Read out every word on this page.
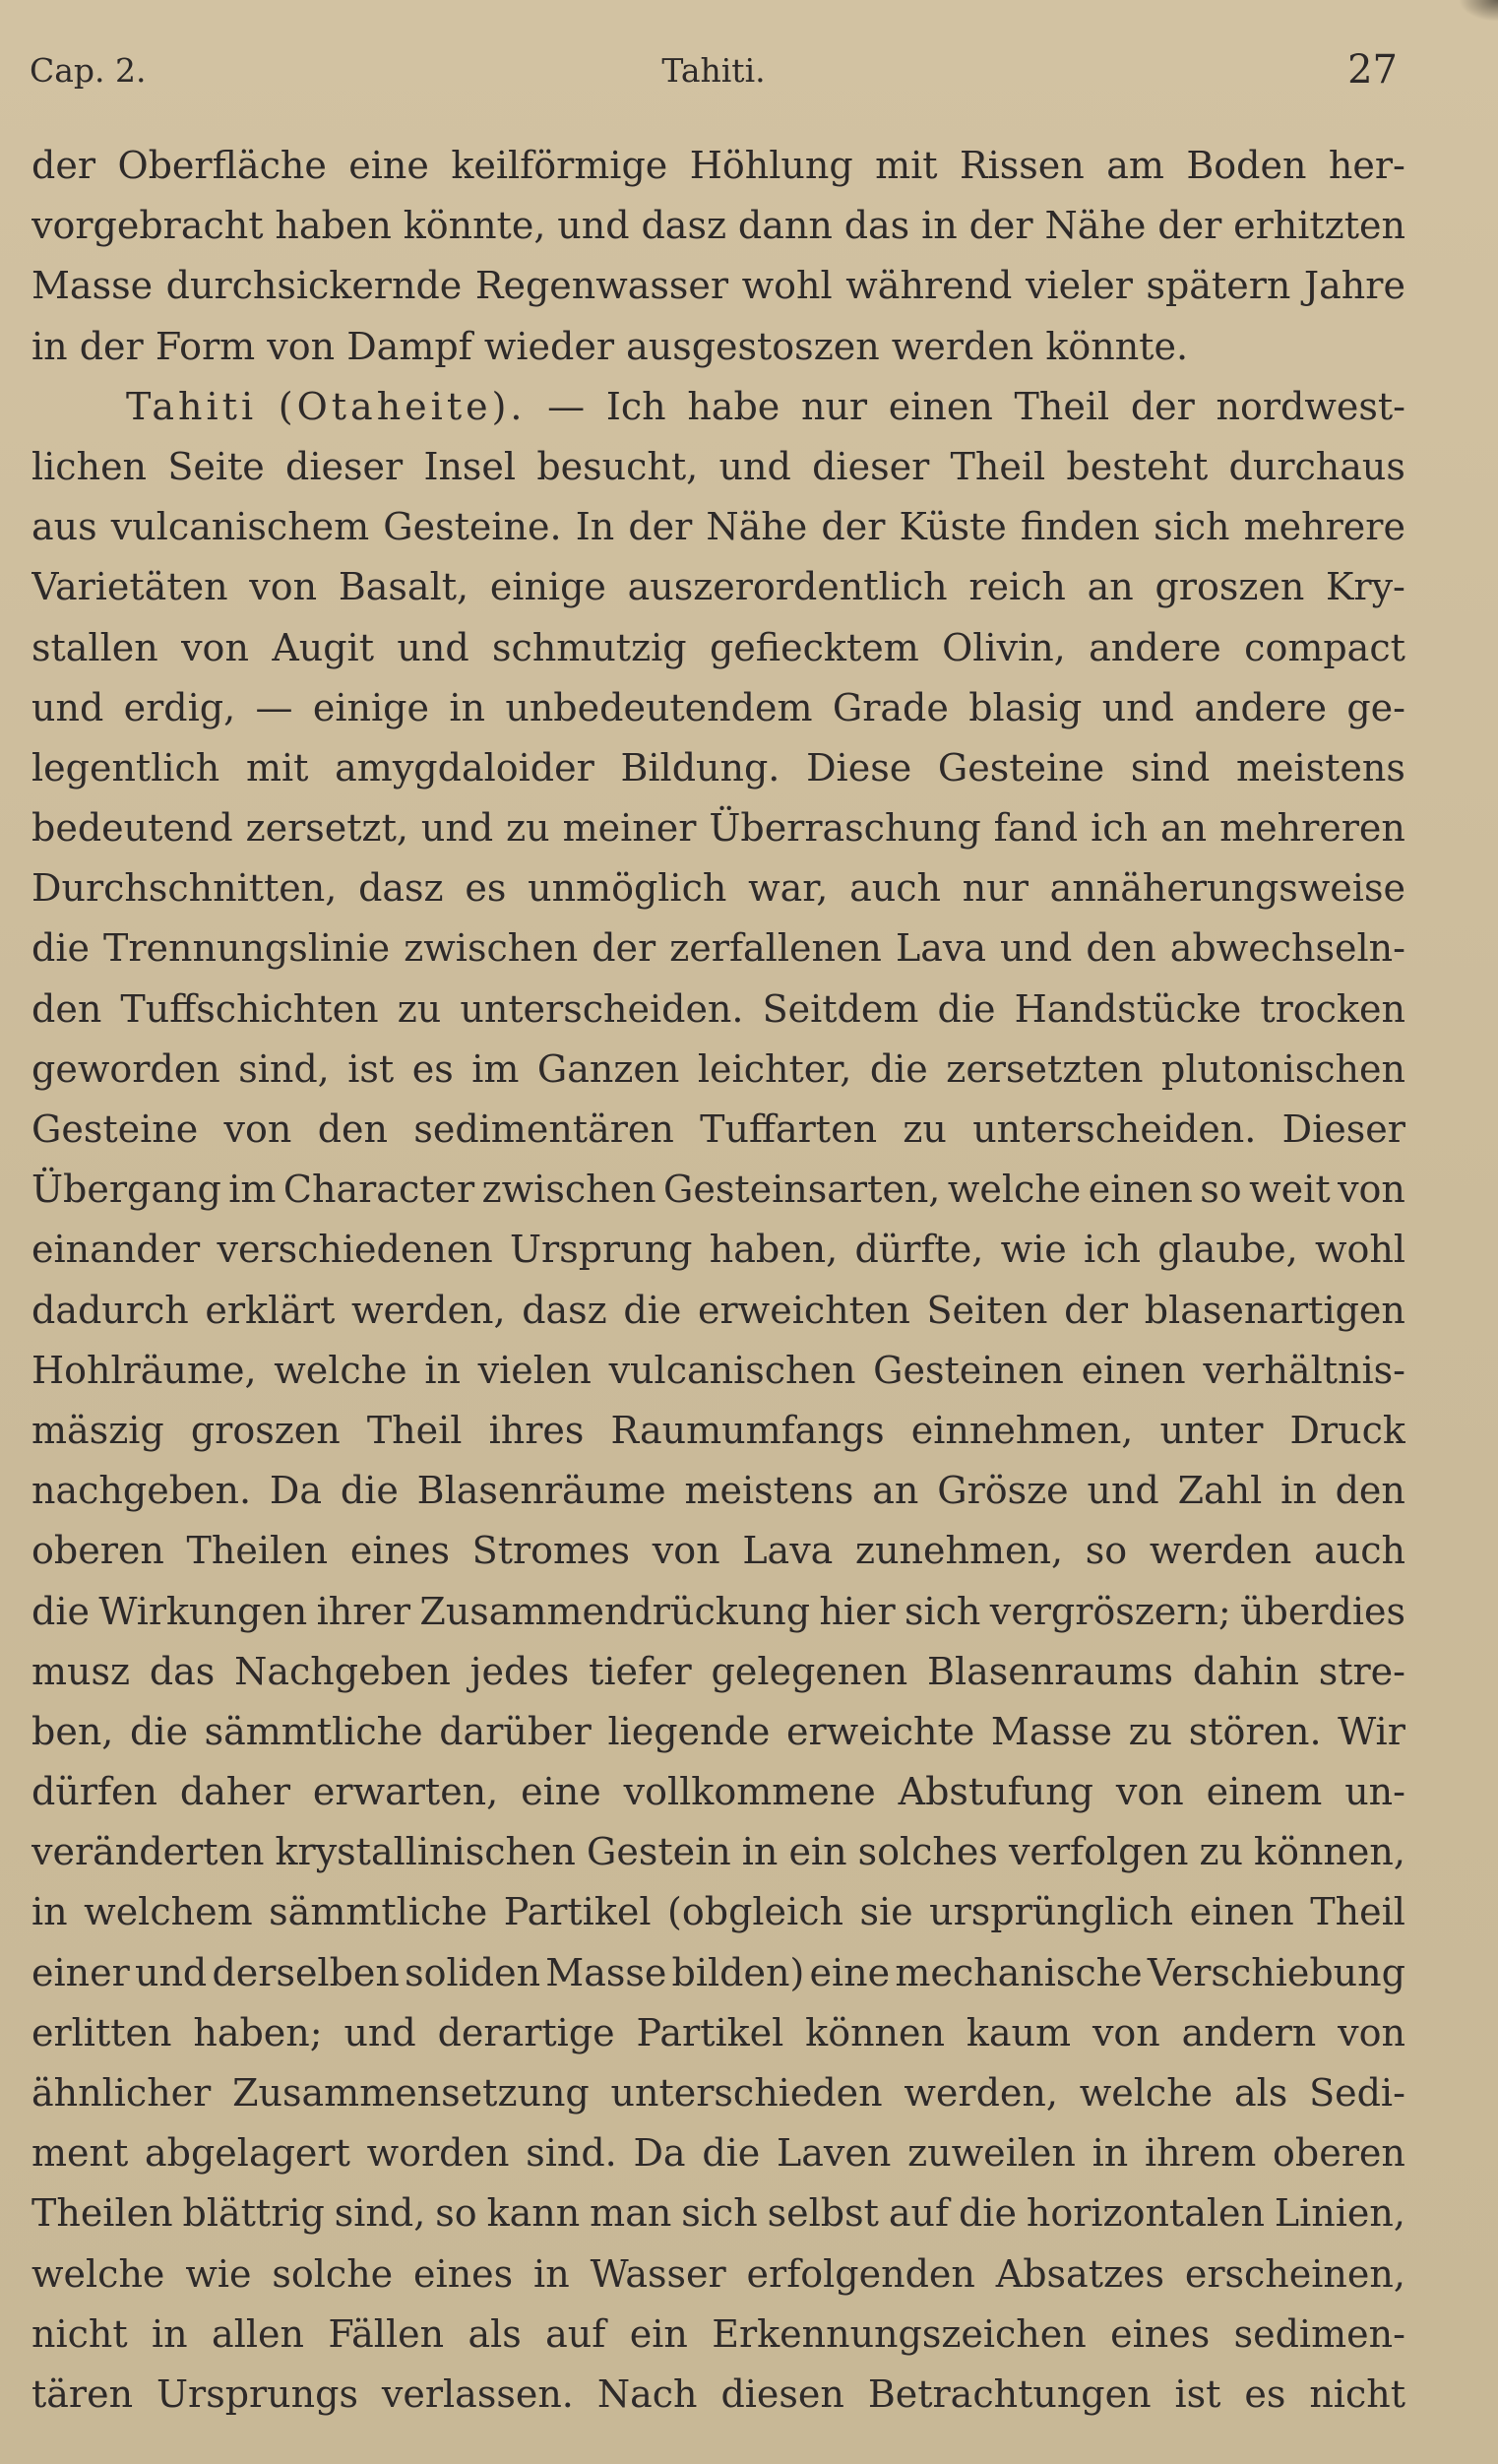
Cap. 2.	Tahiti.	27
der Oberfläche eine keilförmige Höhlung mit Rissen am Boden her-
vorgebracht haben könnte, und dasz dann das in der Nähe der erhitzten
Masse durchsickernde Regenwasser wohl während vieler spätern Jahre
in
der
Form
von
Dampf
wieder
ausgestoszen
werden
könnte.
Tahiti (Otaheite). — Ich habe nur einen Theil der nordwest-
lichen Seite dieser Insel besucht, und dieser Theil besteht durchaus
aus vulcanischem Gesteine. In der Nähe der Küste finden sich mehrere
Varietäten von Basalt, einige auszerordentlich reich an groszen Kry-
stallen von Augit und schmutzig gefiecktem Olivin, andere compact
und erdig, — einige in unbedeutendem Grade blasig und andere ge-
legentlich mit amygdaloider Bildung. Diese Gesteine sind meistens
bedeutend zersetzt, und zu meiner Überraschung fand ich an mehreren
Durchschnitten, dasz es unmöglich war, auch nur annäherungsweise
die Trennungslinie zwischen der zerfallenen Lava und den abwechseln-
den Tuffschichten zu unterscheiden. Seitdem die Handstücke trocken
geworden sind, ist es im Ganzen leichter, die zersetzten plutonischen
Gesteine von den sedimentären Tuffarten zu unterscheiden. Dieser
Übergang im Character zwischen Gesteinsarten, welche einen so weit von
einander verschiedenen Ursprung haben, dürfte, wie ich glaube, wohl
dadurch erklärt werden, dasz die erweichten Seiten der blasenartigen
Hohlräume, welche in vielen vulcanischen Gesteinen einen verhältnis-
mäszig groszen Theil ihres Raumumfangs einnehmen, unter Druck
nachgeben. Da die Blasenräume meistens an Grösze und Zahl in den
oberen Theilen eines Stromes von Lava zunehmen, so werden auch
die Wirkungen ihrer Zusammendrückung hier sich vergröszern; überdies
musz das Nachgeben jedes tiefer gelegenen Blasenraums dahin stre-
ben, die sämmtliche darüber liegende erweichte Masse zu stören. Wir
dürfen daher erwarten, eine vollkommene Abstufung von einem un-
veränderten krystallinischen Gestein in ein solches verfolgen zu können,
in welchem sämmtliche Partikel (obgleich sie ursprünglich einen Theil
einer und derselben soliden Masse bilden) eine mechanische Verschiebung
erlitten haben; und derartige Partikel können kaum von andern von
ähnlicher Zusammensetzung unterschieden werden, welche als Sedi-
ment abgelagert worden sind. Da die Laven zuweilen in ihrem oberen
Theilen blättrig sind, so kann man sich selbst auf die horizontalen Linien,
welche wie solche eines in Wasser erfolgenden Absatzes erscheinen,
nicht in allen Fällen als auf ein Erkennungszeichen eines sedimen-
tären Ursprungs verlassen. Nach diesen Betrachtungen ist es nicht
